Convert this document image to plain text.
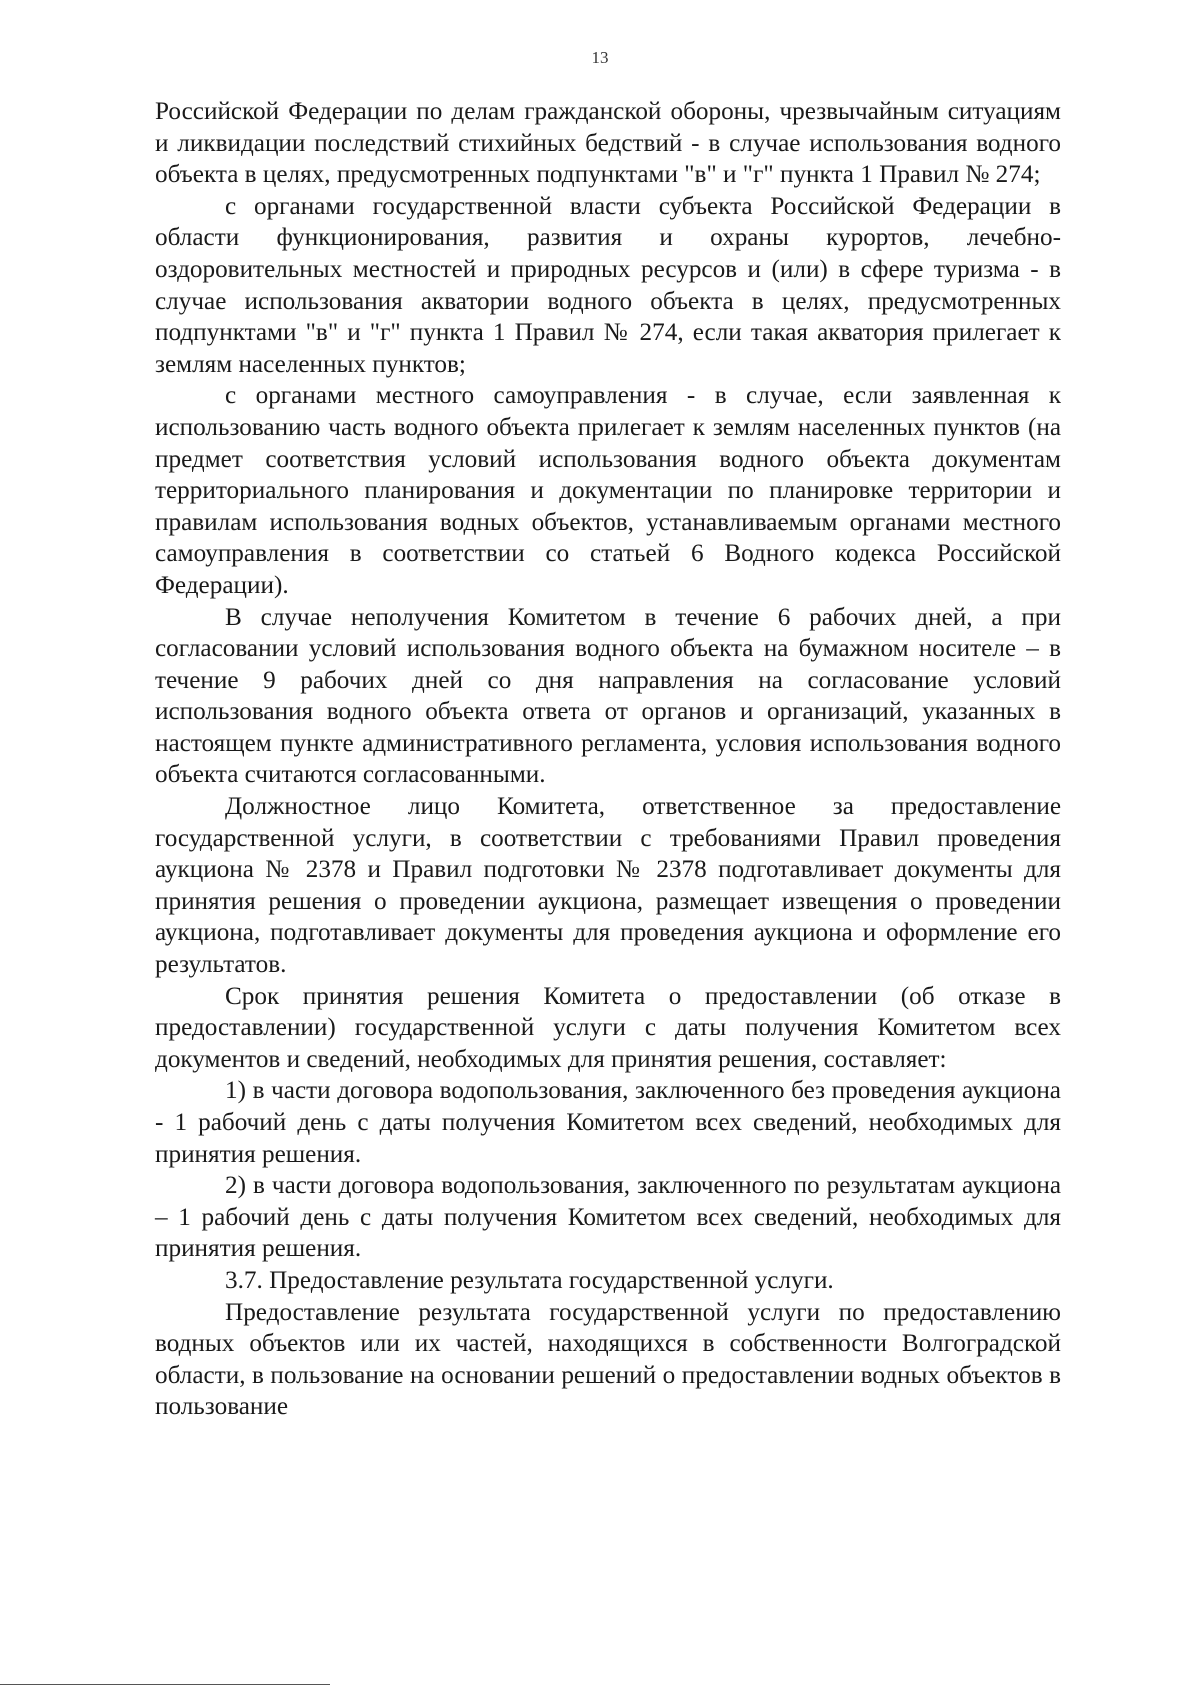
13

Российской Федерации по делам гражданской обороны, чрезвычайным ситуациям и ликвидации последствий стихийных бедствий - в случае использования водного объекта в целях, предусмотренных подпунктами "в" и "г" пункта 1 Правил № 274;

с органами государственной власти субъекта Российской Федерации в области функционирования, развития и охраны курортов, лечебно-оздоровительных местностей и природных ресурсов и (или) в сфере туризма - в случае использования акватории водного объекта в целях, предусмотренных подпунктами "в" и "г" пункта 1 Правил № 274, если такая акватория прилегает к землям населенных пунктов;

с органами местного самоуправления - в случае, если заявленная к использованию часть водного объекта прилегает к землям населенных пунктов (на предмет соответствия условий использования водного объекта документам территориального планирования и документации по планировке территории и правилам использования водных объектов, устанавливаемым органами местного самоуправления в соответствии со статьей 6 Водного кодекса Российской Федерации).

В случае неполучения Комитетом в течение 6 рабочих дней, а при согласовании условий использования водного объекта на бумажном носителе – в течение 9 рабочих дней со дня направления на согласование условий использования водного объекта ответа от органов и организаций, указанных в настоящем пункте административного регламента, условия использования водного объекта считаются согласованными.

Должностное лицо Комитета, ответственное за предоставление государственной услуги, в соответствии с требованиями Правил проведения аукциона № 2378 и Правил подготовки № 2378 подготавливает документы для принятия решения о проведении аукциона, размещает извещения о проведении аукциона, подготавливает документы для проведения аукциона и оформление его результатов.

Срок принятия решения Комитета о предоставлении (об отказе в предоставлении) государственной услуги с даты получения Комитетом всех документов и сведений, необходимых для принятия решения, составляет:

1) в части договора водопользования, заключенного без проведения аукциона - 1 рабочий день с даты получения Комитетом всех сведений, необходимых для принятия решения.

2) в части договора водопользования, заключенного по результатам аукциона – 1 рабочий день с даты получения Комитетом всех сведений, необходимых для принятия решения.

3.7. Предоставление результата государственной услуги.

Предоставление результата государственной услуги по предоставлению водных объектов или их частей, находящихся в собственности Волгоградской области, в пользование на основании решений о предоставлении водных объектов в пользование
